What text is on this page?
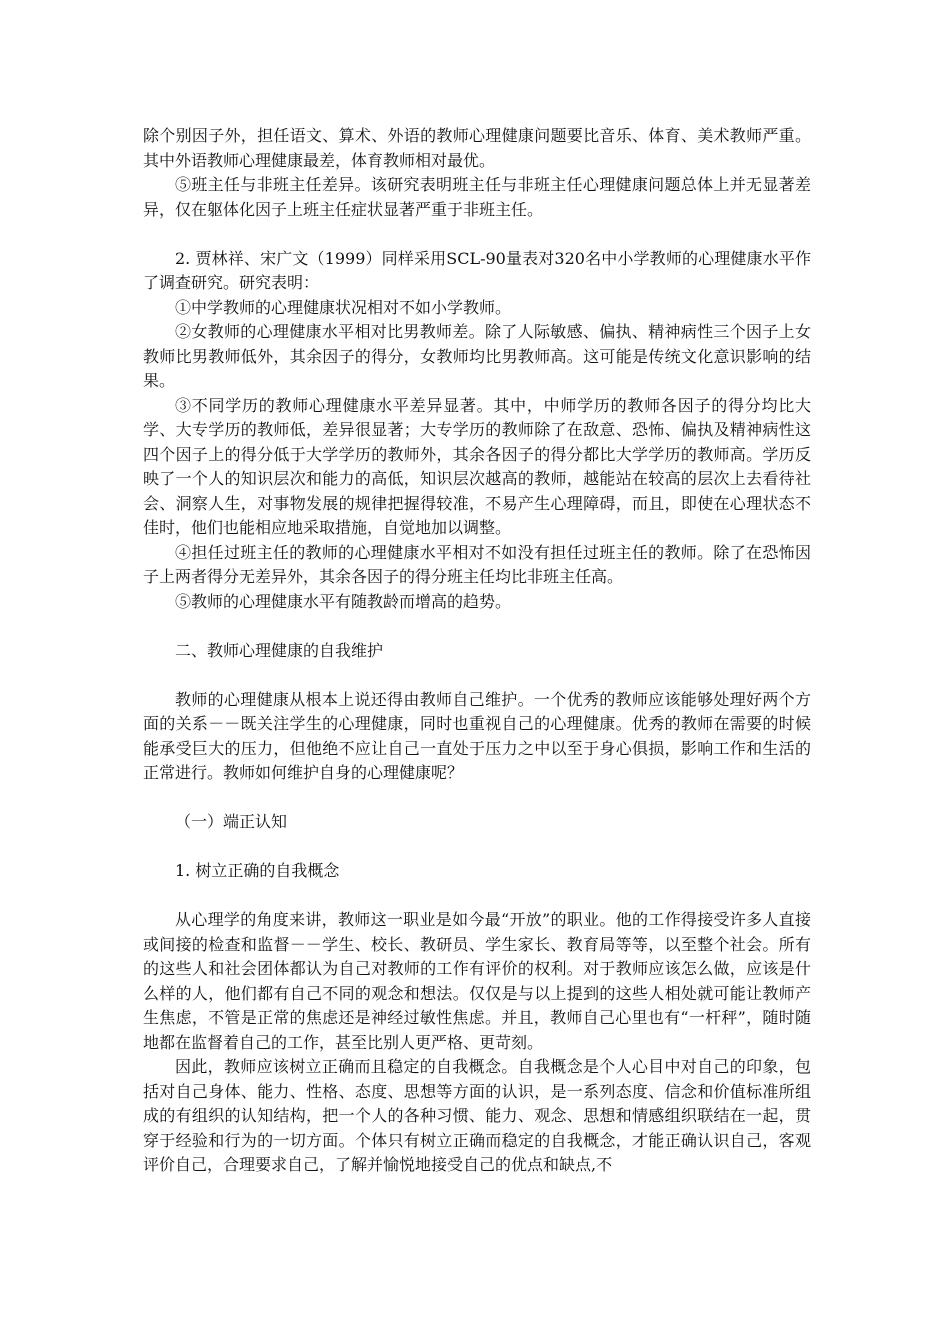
除个别因子外，担任语文、算术、外语的教师心理健康问题要比音乐、体育、美术教师严重。其中外语教师心理健康最差，体育教师相对最优。

⑤班主任与非班主任差异。该研究表明班主任与非班主任心理健康问题总体上并无显著差异，仅在躯体化因子上班主任症状显著严重于非班主任。

2. 贾林祥、宋广文（1999）同样采用SCL-90量表对320名中小学教师的心理健康水平作了调查研究。研究表明：

①中学教师的心理健康状况相对不如小学教师。

②女教师的心理健康水平相对比男教师差。除了人际敏感、偏执、精神病性三个因子上女教师比男教师低外，其余因子的得分，女教师均比男教师高。这可能是传统文化意识影响的结果。

③不同学历的教师心理健康水平差异显著。其中，中师学历的教师各因子的得分均比大学、大专学历的教师低，差异很显著；大专学历的教师除了在敌意、恐怖、偏执及精神病性这四个因子上的得分低于大学学历的教师外，其余各因子的得分都比大学学历的教师高。学历反映了一个人的知识层次和能力的高低，知识层次越高的教师，越能站在较高的层次上去看待社会、洞察人生，对事物发展的规律把握得较准，不易产生心理障碍，而且，即使在心理状态不佳时，他们也能相应地采取措施，自觉地加以调整。

④担任过班主任的教师的心理健康水平相对不如没有担任过班主任的教师。除了在恐怖因子上两者得分无差异外，其余各因子的得分班主任均比非班主任高。

⑤教师的心理健康水平有随教龄而增高的趋势。

二、教师心理健康的自我维护

教师的心理健康从根本上说还得由教师自己维护。一个优秀的教师应该能够处理好两个方面的关系－－既关注学生的心理健康，同时也重视自己的心理健康。优秀的教师在需要的时候能承受巨大的压力，但他绝不应让自己一直处于压力之中以至于身心俱损，影响工作和生活的正常进行。教师如何维护自身的心理健康呢？

（一）端正认知

1. 树立正确的自我概念

从心理学的角度来讲，教师这一职业是如今最“开放”的职业。他的工作得接受许多人直接或间接的检查和监督－－学生、校长、教研员、学生家长、教育局等等，以至整个社会。所有的这些人和社会团体都认为自己对教师的工作有评价的权利。对于教师应该怎么做，应该是什么样的人，他们都有自己不同的观念和想法。仅仅是与以上提到的这些人相处就可能让教师产生焦虑，不管是正常的焦虑还是神经过敏性焦虑。并且，教师自己心里也有“一杆秤”，随时随地都在监督着自己的工作，甚至比别人更严格、更苛刻。

因此，教师应该树立正确而且稳定的自我概念。自我概念是个人心目中对自己的印象，包括对自己身体、能力、性格、态度、思想等方面的认识，是一系列态度、信念和价值标准所组成的有组织的认知结构，把一个人的各种习惯、能力、观念、思想和情感组织联结在一起，贯穿于经验和行为的一切方面。个体只有树立正确而稳定的自我概念，才能正确认识自己，客观评价自己，合理要求自己，了解并愉悦地接受自己的优点和缺点,不
